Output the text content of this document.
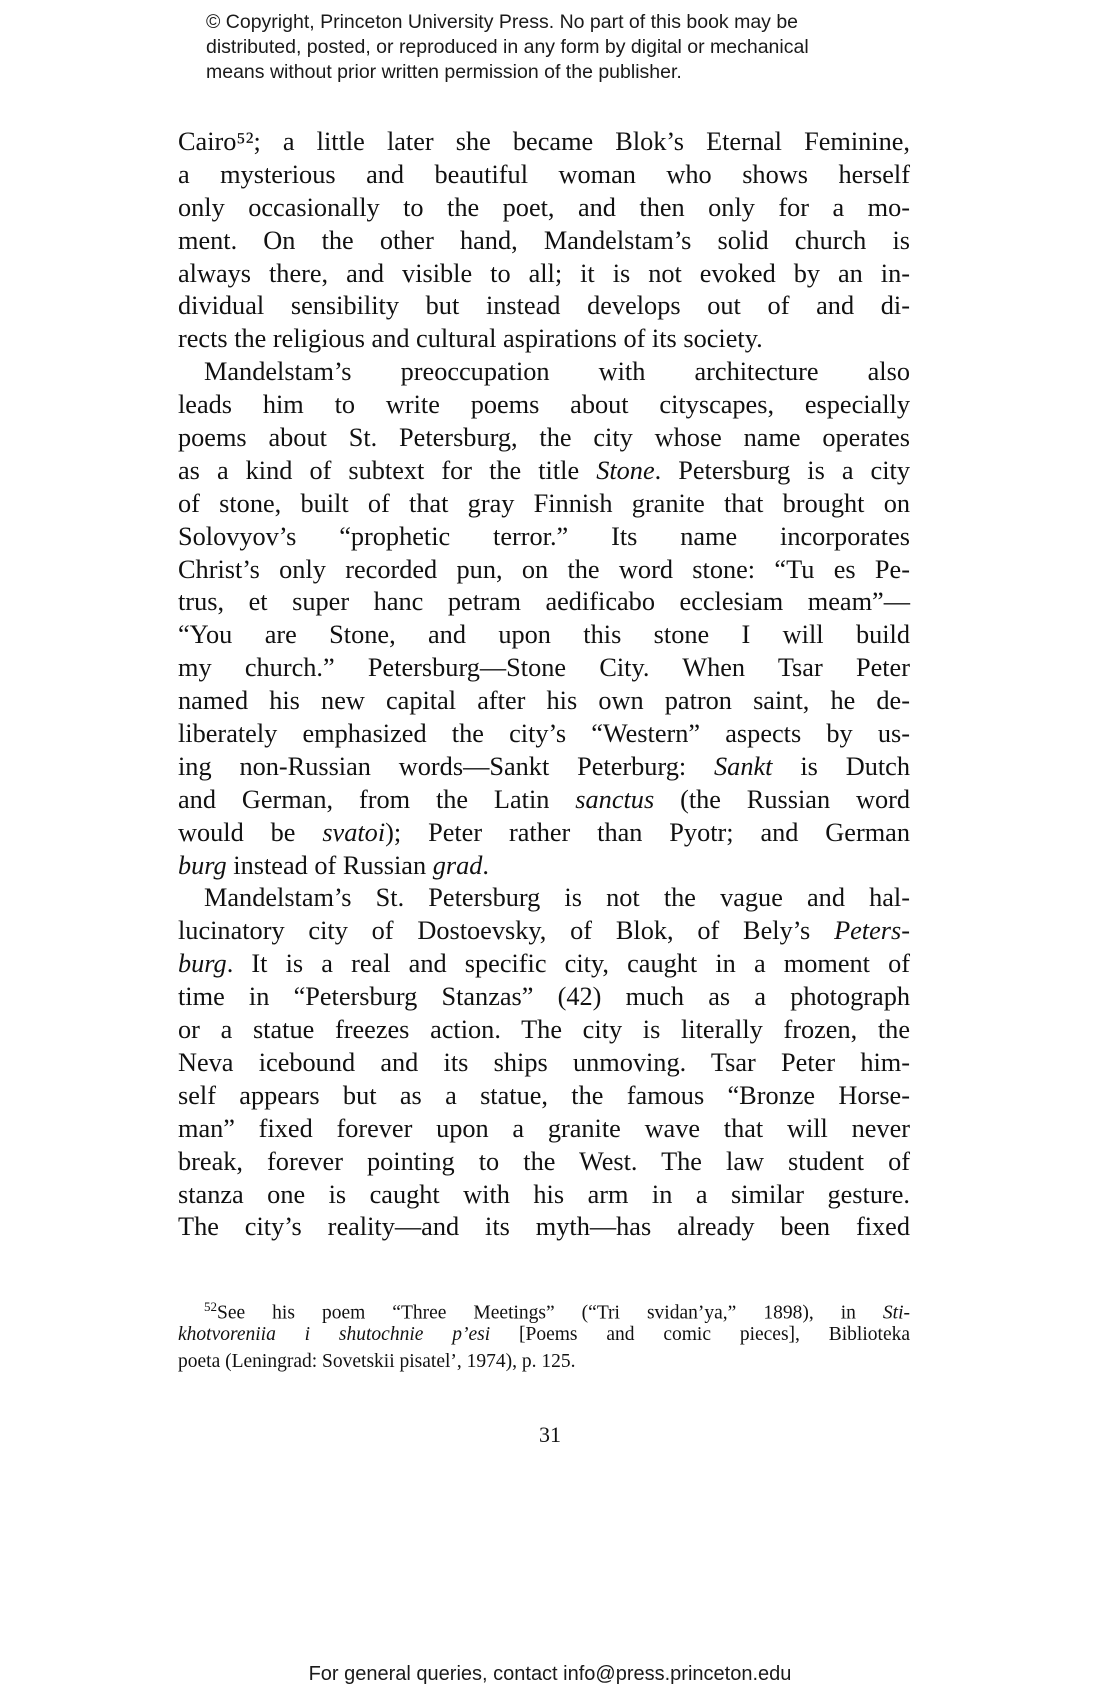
© Copyright, Princeton University Press. No part of this book may be
distributed, posted, or reproduced in any form by digital or mechanical
means without prior written permission of the publisher.
Cairo⁵²; a little later she became Blok’s Eternal Feminine,
a mysterious and beautiful woman who shows herself
only occasionally to the poet, and then only for a mo-
ment. On the other hand, Mandelstam’s solid church is
always there, and visible to all; it is not evoked by an in-
dividual sensibility but instead develops out of and di-
rects the religious and cultural aspirations of its society.
Mandelstam’s preoccupation with architecture also
leads him to write poems about cityscapes, especially
poems about St. Petersburg, the city whose name operates
as a kind of subtext for the title Stone. Petersburg is a city
of stone, built of that gray Finnish granite that brought on
Solovyov’s “prophetic terror.” Its name incorporates
Christ’s only recorded pun, on the word stone: “Tu es Pe-
trus, et super hanc petram aedificabo ecclesiam meam”—
“You are Stone, and upon this stone I will build
my church.” Petersburg—Stone City. When Tsar Peter
named his new capital after his own patron saint, he de-
liberately emphasized the city’s “Western” aspects by us-
ing non-Russian words—Sankt Peterburg: Sankt is Dutch
and German, from the Latin sanctus (the Russian word
would be svatoi); Peter rather than Pyotr; and German
burg instead of Russian grad.
Mandelstam’s St. Petersburg is not the vague and hal-
lucinatory city of Dostoevsky, of Blok, of Bely’s Peters-
burg. It is a real and specific city, caught in a moment of
time in “Petersburg Stanzas” (42) much as a photograph
or a statue freezes action. The city is literally frozen, the
Neva icebound and its ships unmoving. Tsar Peter him-
self appears but as a statue, the famous “Bronze Horse-
man” fixed forever upon a granite wave that will never
break, forever pointing to the West. The law student of
stanza one is caught with his arm in a similar gesture.
The city’s reality—and its myth—has already been fixed
$^{52}$See his poem “Three Meetings” (“Tri svidan’ya,” 1898), in Sti-
khotvoreniia i shutochnie p’esi [Poems and comic pieces], Biblioteka
poeta (Leningrad: Sovetskii pisatel’, 1974), p. 125.
31
For general queries, contact info@press.princeton.edu
